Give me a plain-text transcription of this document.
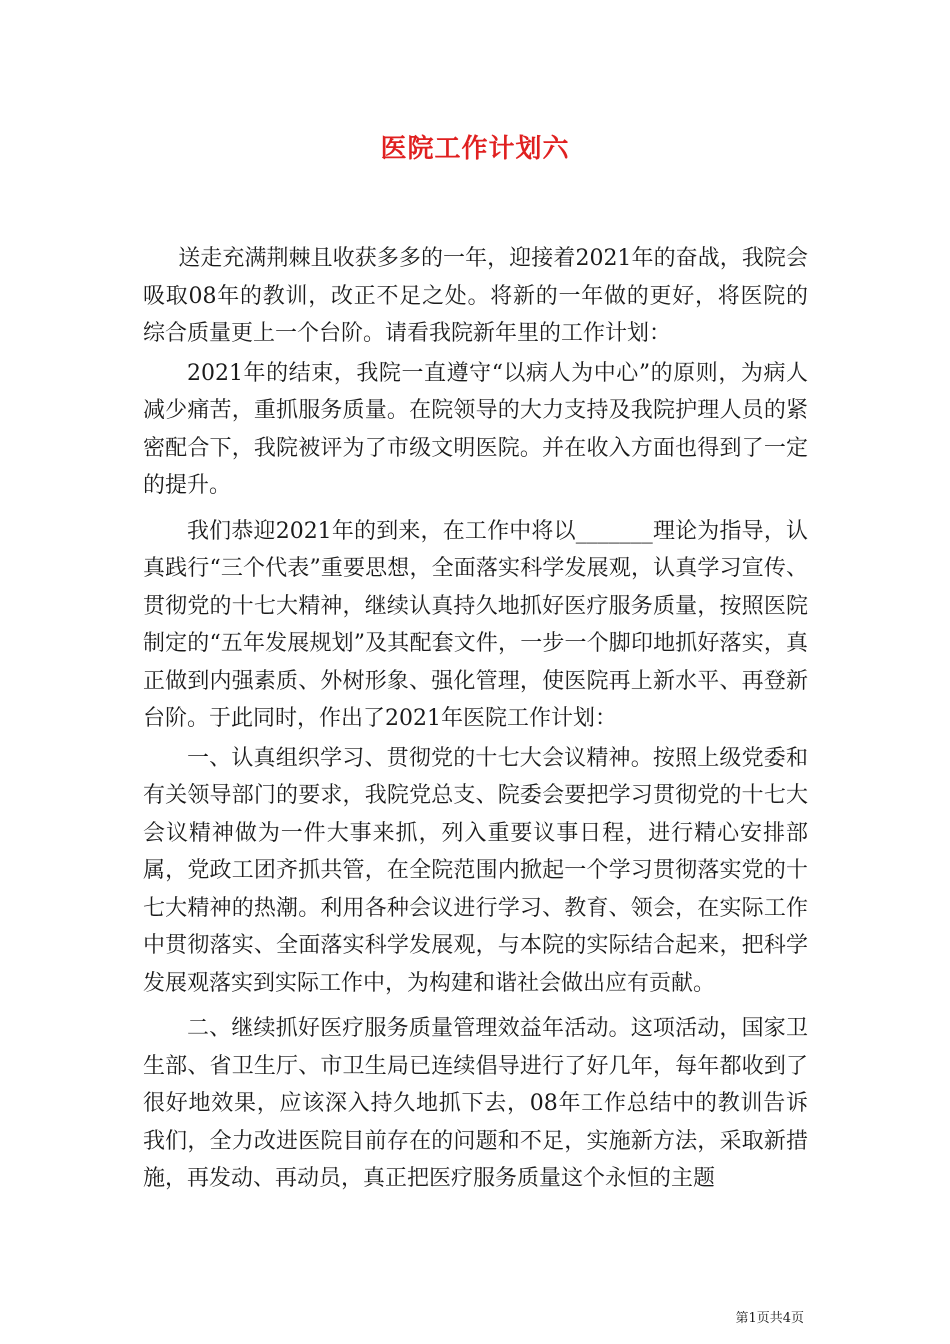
医院工作计划六

送走充满荆棘且收获多多的一年，迎接着2021年的奋战，我院会吸取08年的教训，改正不足之处。将新的一年做的更好，将医院的综合质量更上一个台阶。请看我院新年里的工作计划：

2021年的结束，我院一直遵守“以病人为中心”的原则，为病人减少痛苦，重抓服务质量。在院领导的大力支持及我院护理人员的紧密配合下，我院被评为了市级文明医院。并在收入方面也得到了一定的提升。

我们恭迎2021年的到来，在工作中将以_______理论为指导，认真践行“三个代表”重要思想，全面落实科学发展观，认真学习宣传、贯彻党的十七大精神，继续认真持久地抓好医疗服务质量，按照医院制定的“五年发展规划”及其配套文件，一步一个脚印地抓好落实，真正做到内强素质、外树形象、强化管理，使医院再上新水平、再登新台阶。于此同时，作出了2021年医院工作计划：

一、认真组织学习、贯彻党的十七大会议精神。按照上级党委和有关领导部门的要求，我院党总支、院委会要把学习贯彻党的十七大会议精神做为一件大事来抓，列入重要议事日程，进行精心安排部属，党政工团齐抓共管，在全院范围内掀起一个学习贯彻落实党的十七大精神的热潮。利用各种会议进行学习、教育、领会，在实际工作中贯彻落实、全面落实科学发展观，与本院的实际结合起来，把科学发展观落实到实际工作中，为构建和谐社会做出应有贡献。

二、继续抓好医疗服务质量管理效益年活动。这项活动，国家卫生部、省卫生厅、市卫生局已连续倡导进行了好几年，每年都收到了很好地效果，应该深入持久地抓下去，08年工作总结中的教训告诉我们，全力改进医院目前存在的问题和不足，实施新方法，采取新措施，再发动、再动员，真正把医疗服务质量这个永恒的主题

第1页共4页
